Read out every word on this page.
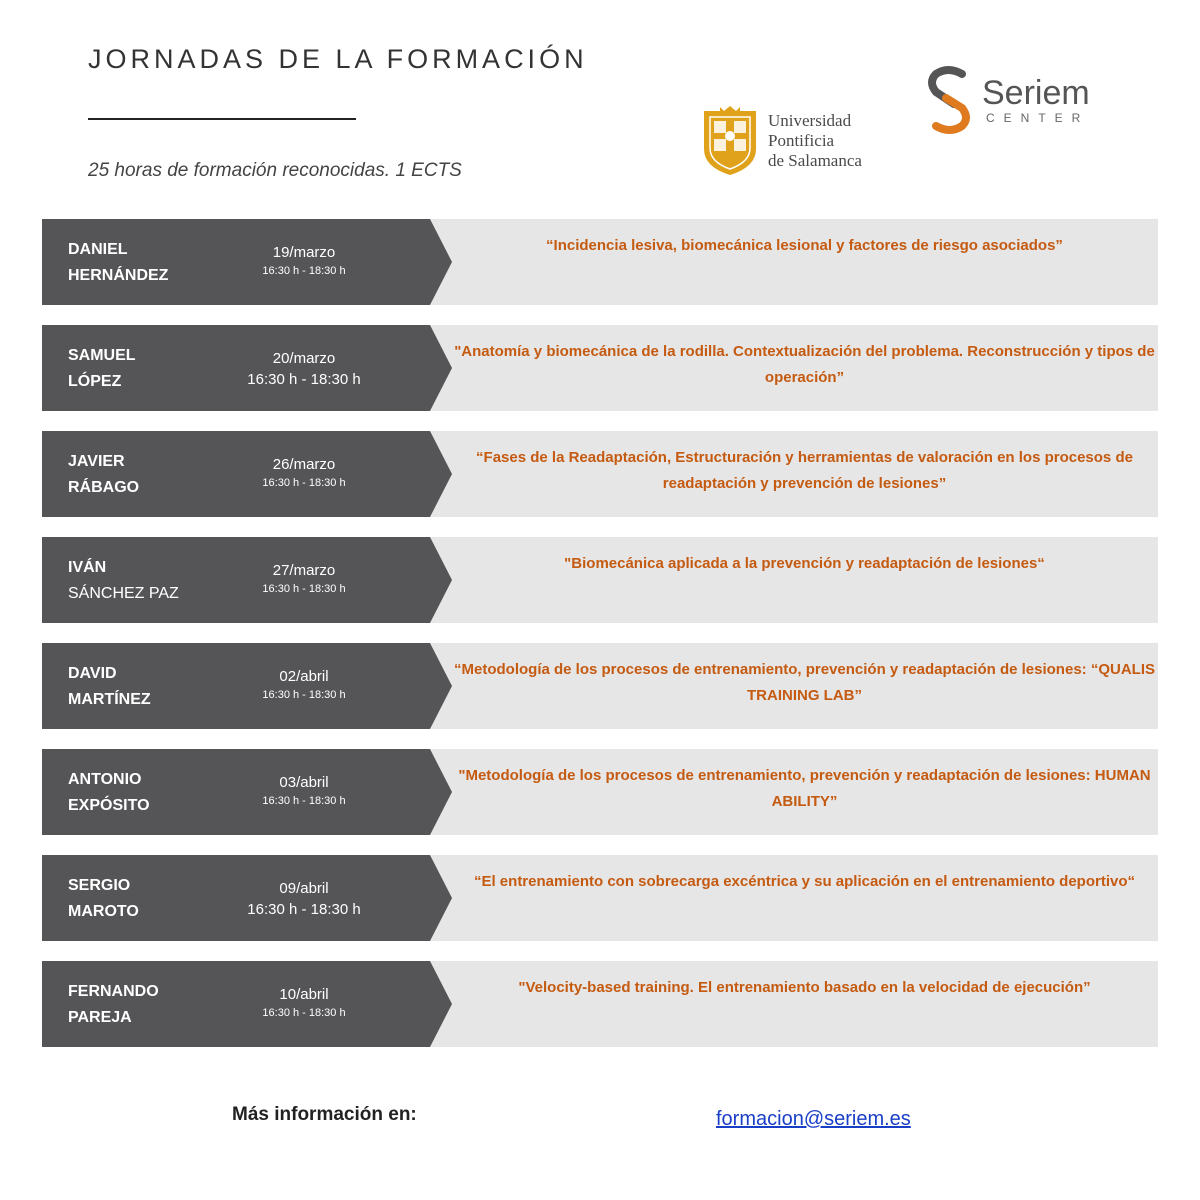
JORNADAS DE LA FORMACIÓN
25 horas de formación reconocidas. 1 ECTS
Universidad
Pontificia
de Salamanca
Seriem
CENTER
DANIEL
HERNÁNDEZ
19/marzo
16:30 h - 18:30 h
“Incidencia lesiva, biomecánica lesional y factores de riesgo asociados”
SAMUEL
LÓPEZ
20/marzo
16:30 h - 18:30 h
"Anatomía y biomecánica de la rodilla. Contextualización del problema. Reconstrucción y tipos de operación”
JAVIER
RÁBAGO
26/marzo
16:30 h - 18:30 h
“Fases de la Readaptación, Estructuración y herramientas de valoración en los procesos de readaptación y prevención de lesiones”
IVÁN
SÁNCHEZ PAZ
27/marzo
16:30 h - 18:30 h
"Biomecánica aplicada a la prevención y readaptación de lesiones“
DAVID
MARTÍNEZ
02/abril
16:30 h - 18:30 h
“Metodología de los procesos de entrenamiento, prevención y readaptación de lesiones: “QUALIS TRAINING LAB”
ANTONIO
EXPÓSITO
03/abril
16:30 h - 18:30 h
"Metodología de los procesos de entrenamiento, prevención y readaptación de lesiones: HUMAN ABILITY”
SERGIO
MAROTO
09/abril
16:30 h - 18:30 h
“El entrenamiento con sobrecarga excéntrica y su aplicación en el entrenamiento deportivo“
FERNANDO
PAREJA
10/abril
16:30 h - 18:30 h
"Velocity-based training. El entrenamiento basado en la velocidad de ejecución”
Más información en:	formacion@seriem.es
